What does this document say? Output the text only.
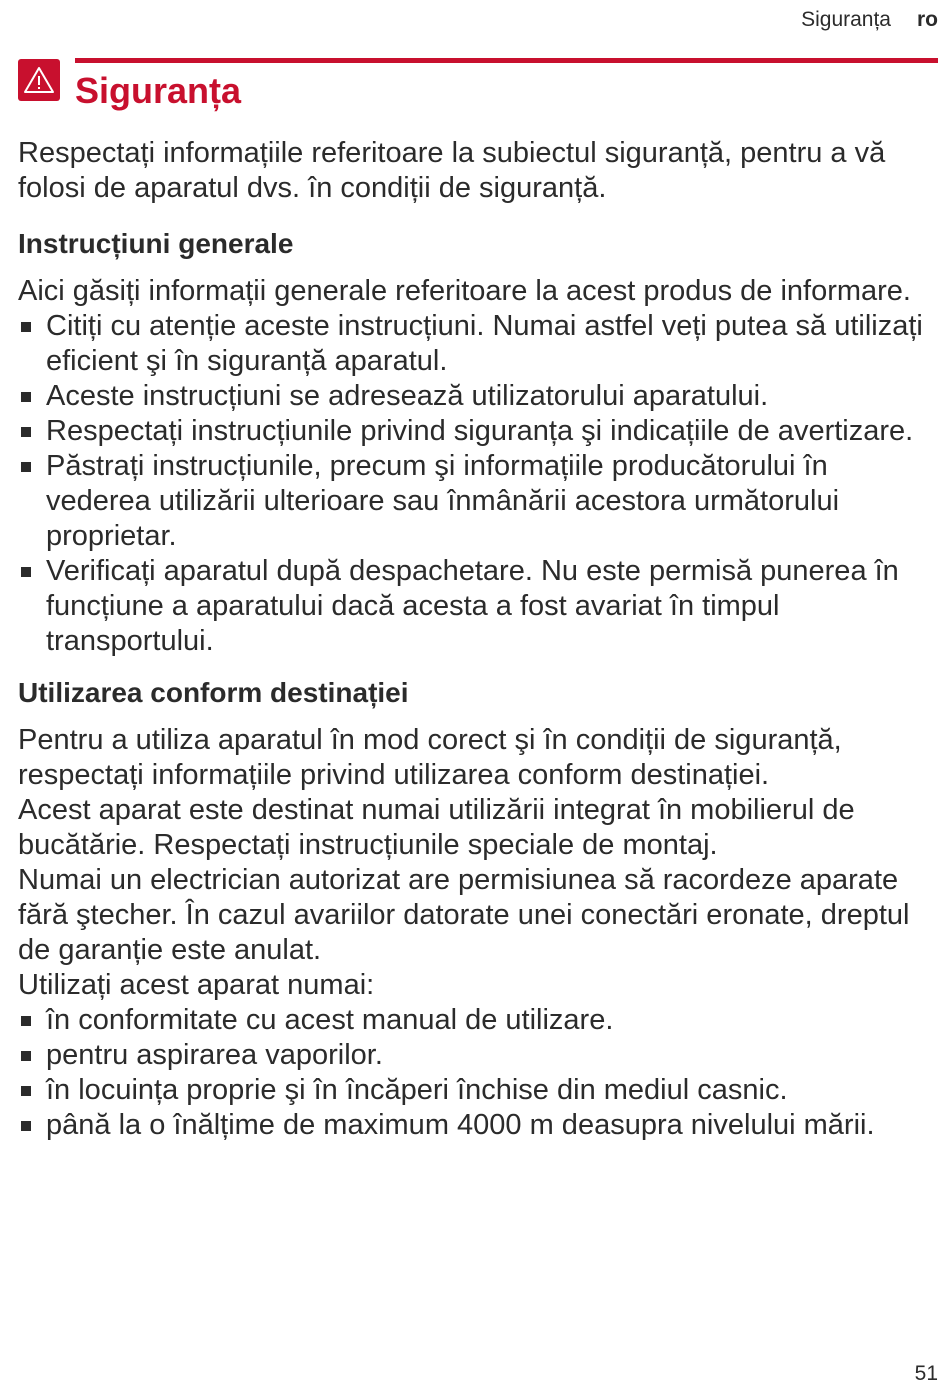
Siguranța ro
Siguranța

Respectați informațiile referitoare la subiectul siguranță, pentru a vă folosi de aparatul dvs. în condiții de siguranță.

Instrucțiuni generale

Aici găsiți informații generale referitoare la acest produs de informare.

Citiți cu atenție aceste instrucțiuni. Numai astfel veți putea să utilizați eficient şi în siguranță aparatul.
Aceste instrucțiuni se adresează utilizatorului aparatului.
Respectați instrucțiunile privind siguranța şi indicațiile de avertizare.
Păstrați instrucțiunile, precum şi informațiile producătorului în vederea utilizării ulterioare sau înmânării acestora următorului proprietar.
Verificați aparatul după despachetare. Nu este permisă punerea în funcțiune a aparatului dacă acesta a fost avariat în timpul transportului.
Utilizarea conform destinației

Pentru a utiliza aparatul în mod corect şi în condiții de siguranță, respectați informațiile privind utilizarea conform destinației.

Acest aparat este destinat numai utilizării integrat în mobilierul de bucătărie. Respectați instrucțiunile speciale de montaj.

Numai un electrician autorizat are permisiunea să racordeze aparate fără ştecher. În cazul avariilor datorate unei conectări eronate, dreptul de garanție este anulat.

Utilizați acest aparat numai:

în conformitate cu acest manual de utilizare.
pentru aspirarea vaporilor.
în locuința proprie şi în încăperi închise din mediul casnic.
până la o înălțime de maximum 4000 m deasupra nivelului mării.
51
